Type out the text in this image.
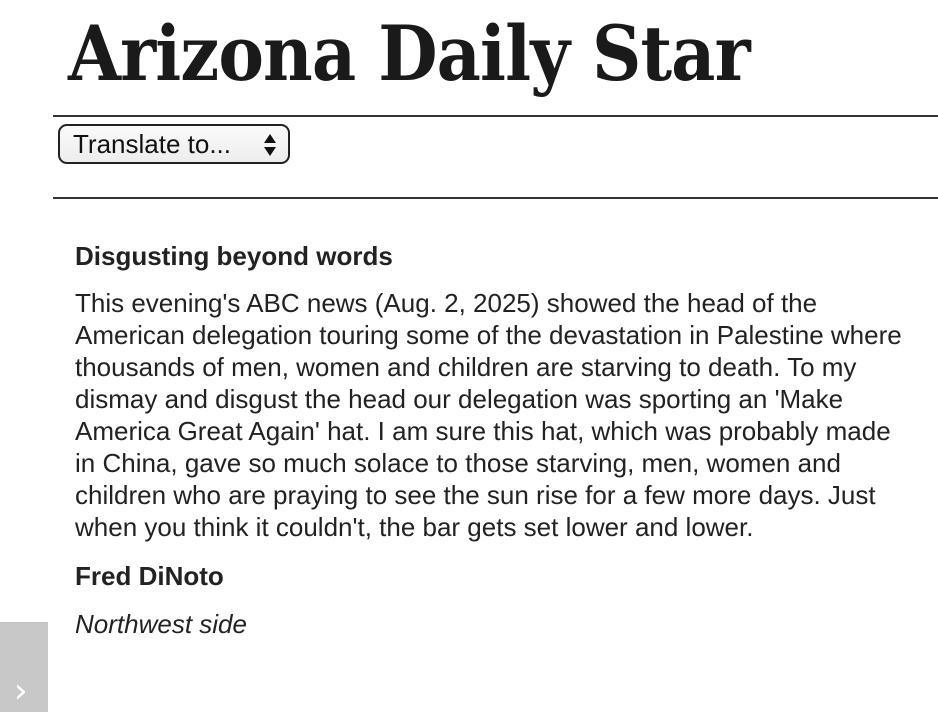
Arizona Daily Star
Translate to...
Disgusting beyond words

This evening's ABC news (Aug. 2, 2025) showed the head of the American delegation touring some of the devastation in Palestine where thousands of men, women and children are starving to death. To my dismay and disgust the head our delegation was sporting an 'Make America Great Again' hat. I am sure this hat, which was probably made in China, gave so much solace to those starving, men, women and children who are praying to see the sun rise for a few more days. Just when you think it couldn't, the bar gets set lower and lower.

Fred DiNoto

Northwest side

›
